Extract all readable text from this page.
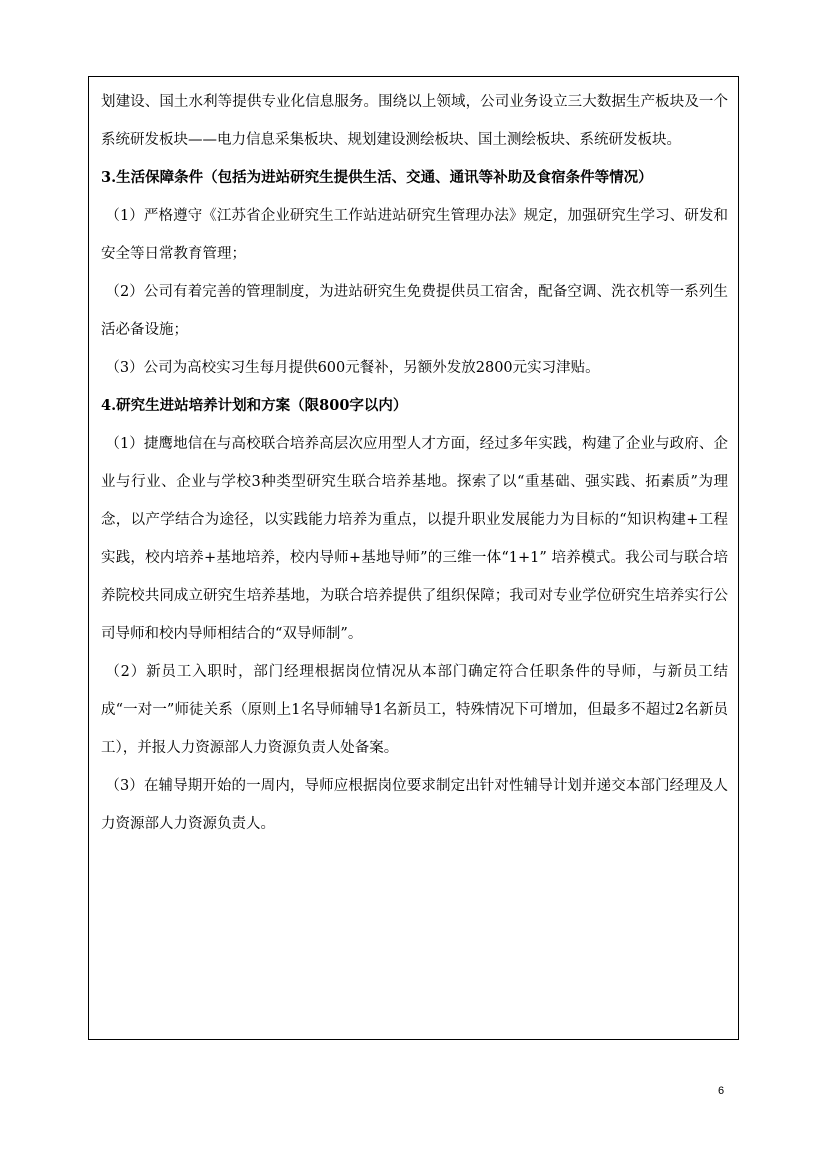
划建设、国土水利等提供专业化信息服务。围绕以上领域，公司业务设立三大数据生产板块及一个系统研发板块——电力信息采集板块、规划建设测绘板块、国土测绘板块、系统研发板块。

3.生活保障条件（包括为进站研究生提供生活、交通、通讯等补助及食宿条件等情况）

（1）严格遵守《江苏省企业研究生工作站进站研究生管理办法》规定，加强研究生学习、研发和安全等日常教育管理；

（2）公司有着完善的管理制度，为进站研究生免费提供员工宿舍，配备空调、洗衣机等一系列生活必备设施；

（3）公司为高校实习生每月提供600元餐补，另额外发放2800元实习津贴。

4.研究生进站培养计划和方案（限800字以内）

（1）捷鹰地信在与高校联合培养高层次应用型人才方面，经过多年实践，构建了企业与政府、企业与行业、企业与学校3种类型研究生联合培养基地。探索了以“重基础、强实践、拓素质”为理念，以产学结合为途径，以实践能力培养为重点，以提升职业发展能力为目标的“知识构建+工程实践，校内培养+基地培养，校内导师+基地导师”的三维一体“1+1” 培养模式。我公司与联合培养院校共同成立研究生培养基地，为联合培养提供了组织保障；我司对专业学位研究生培养实行公司导师和校内导师相结合的“双导师制”。

（2）新员工入职时，部门经理根据岗位情况从本部门确定符合任职条件的导师，与新员工结成“一对一”师徒关系（原则上1名导师辅导1名新员工，特殊情况下可增加，但最多不超过2名新员工），并报人力资源部人力资源负责人处备案。

（3）在辅导期开始的一周内，导师应根据岗位要求制定出针对性辅导计划并递交本部门经理及人力资源部人力资源负责人。

6
